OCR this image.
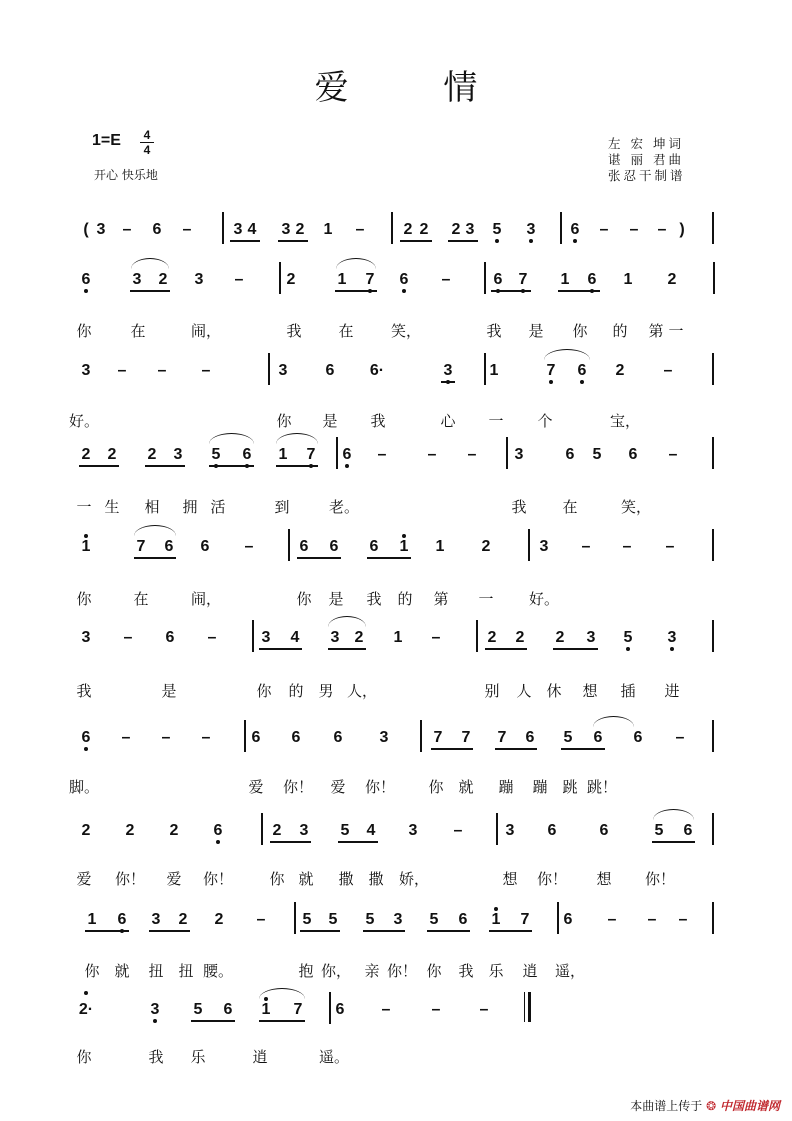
爱 情
1=E	4
4
开心 快乐地
左 宏 坤词
谌 丽 君曲
张忍干制谱
( 3	–	6	–	3 4	3 2	1	–	2 2	2 3	5	3	6	–	–	– )
6	3	2	3	–	2	1	7	6	–	6	7	1	6	1	2
你	在	闹，	我	在	笑，	我	是	你	的	第 一
3	–	–	–	3	6	6·	3	1	7	6	2	–
好。	你	是	我	心	一	个	宝，
2	2	2	3	5	6	1	7	6	–	–	–	3	6	5	6	–
一 生	相	拥 活	到	老。	我	在	笑，
1	7	6	6	–	6	6	6	1	1	2	3	–	–	–
你	在	闹，	你	是	我	的	第	一	好。
3	–	6	–	3	4	3 2	1	–	2	2	2	3	5	3
我	是	你	的 男 人，	别	人 休	想	插	进
6	–	–	–	6	6	6	3	7	7	7	6	5	6	6	–
脚。	爱	你！	爱	你！	你 就	蹦	蹦 跳 跳！
2	2	2	6	2	3	5	4	3	–	3	6	6	5	6
爱	你！	爱	你！	你 就	撒 撒	娇，	想	你！	想	你！
1	6	3	2	2	–	5	5	5	3	5	6	1	7	6	–	–	–
你 就	扭 扭 腰。	抱 你， 亲 你！ 你	我 乐	逍	遥，
2·	3	5	6	1	7	6	–	–	–
你	我	乐	逍	遥。
本曲谱上传于 ❂ 中国曲谱网
